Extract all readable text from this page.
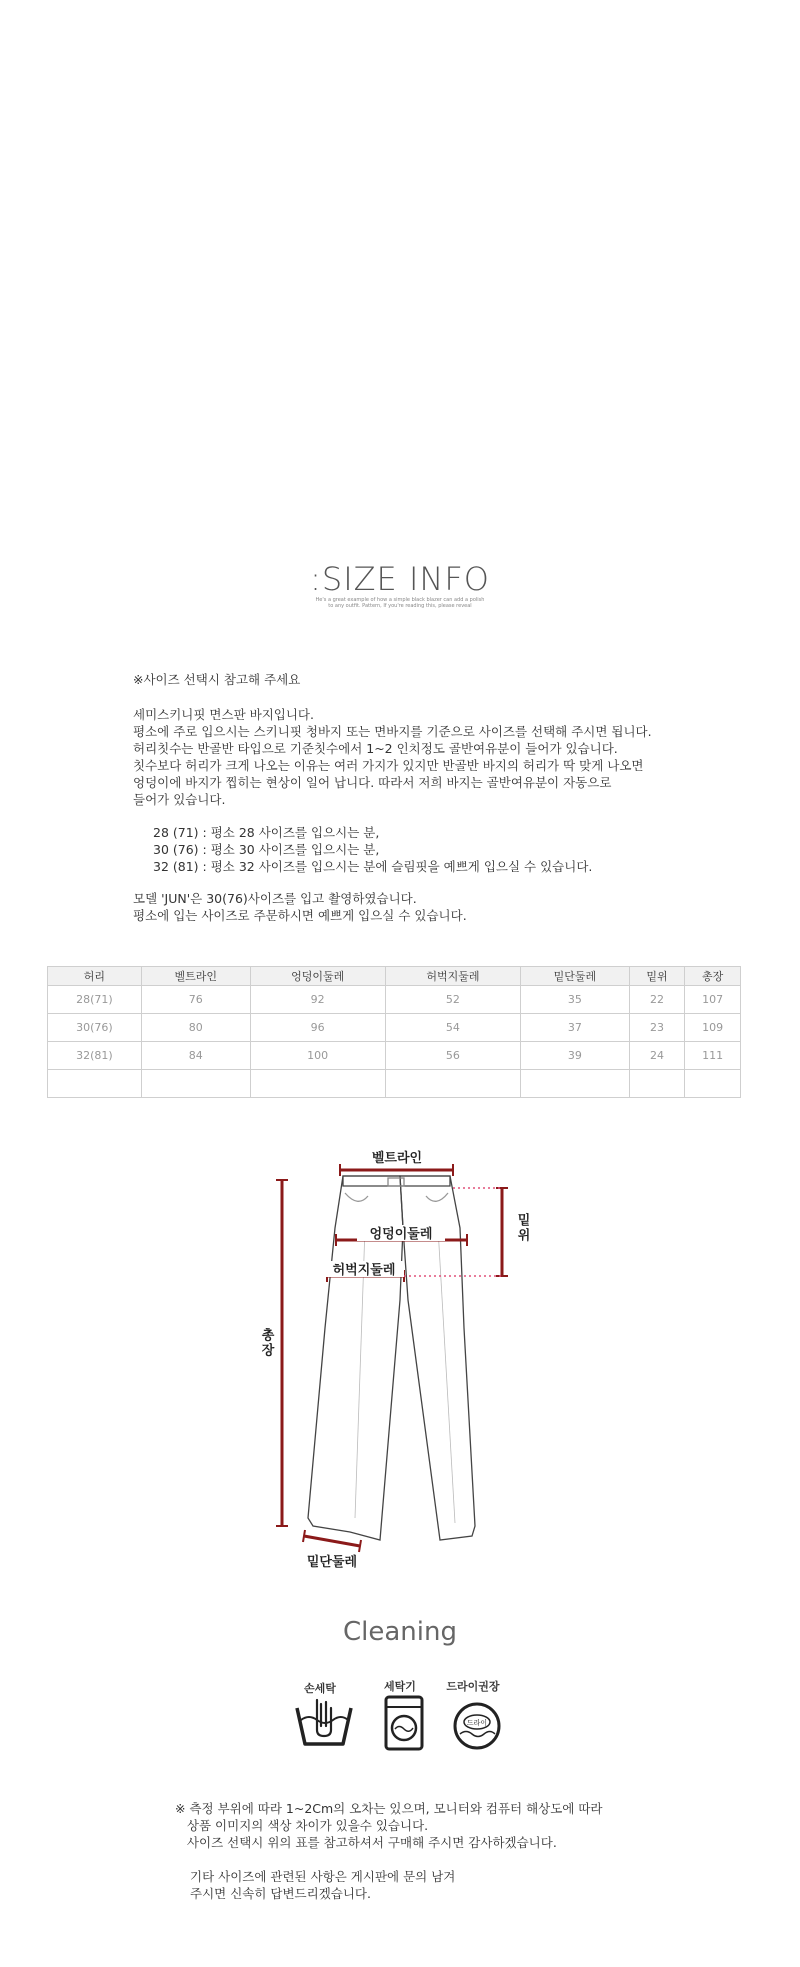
:SIZE INFO
He's a great example of how a simple black blazer can add a polish
to any outfit. Pattern, If you're reading this, please reveal
※사이즈 선택시 참고해 주세요
세미스키니핏 면스판 바지입니다.
평소에 주로 입으시는 스키니핏 청바지 또는 면바지를 기준으로 사이즈를 선택해 주시면 됩니다.
허리칫수는 반골반 타입으로 기준칫수에서 1~2 인치정도 골반여유분이 들어가 있습니다.
칫수보다 허리가 크게 나오는 이유는 여러 가지가 있지만 반골반 바지의 허리가 딱 맞게 나오면
엉덩이에 바지가 찝히는 현상이 일어 납니다. 따라서 저희 바지는 골반여유분이 자동으로
들어가 있습니다.
28 (71) : 평소 28 사이즈를 입으시는 분,
30 (76) : 평소 30 사이즈를 입으시는 분,
32 (81) : 평소 32 사이즈를 입으시는 분에 슬림핏을 예쁘게 입으실 수 있습니다.
모델 'JUN'은 30(76)사이즈를 입고 촬영하였습니다.
평소에 입는 사이즈로 주문하시면 예쁘게 입으실 수 있습니다.
허리	벨트라인	엉덩이둘레	허벅지둘레	밑단둘레	밑위	총장
28(71)	76	92	52	35	22	107
30(76)	80	96	54	37	23	109
32(81)	84	100	56	39	24	111

벨트라인
엉덩이둘레
허벅지둘레
밑위
총장
밑단둘레
Cleaning
손세탁	세탁기	드라이권장
드라이
※ 측정 부위에 따라 1~2Cm의 오차는 있으며, 모니터와 컴퓨터 해상도에 따라
상품 이미지의 색상 차이가 있을수 있습니다.
사이즈 선택시 위의 표를 참고하셔서 구매해 주시면 감사하겠습니다.
기타 사이즈에 관련된 사항은 게시판에 문의 남겨
주시면 신속히 답변드리겠습니다.
